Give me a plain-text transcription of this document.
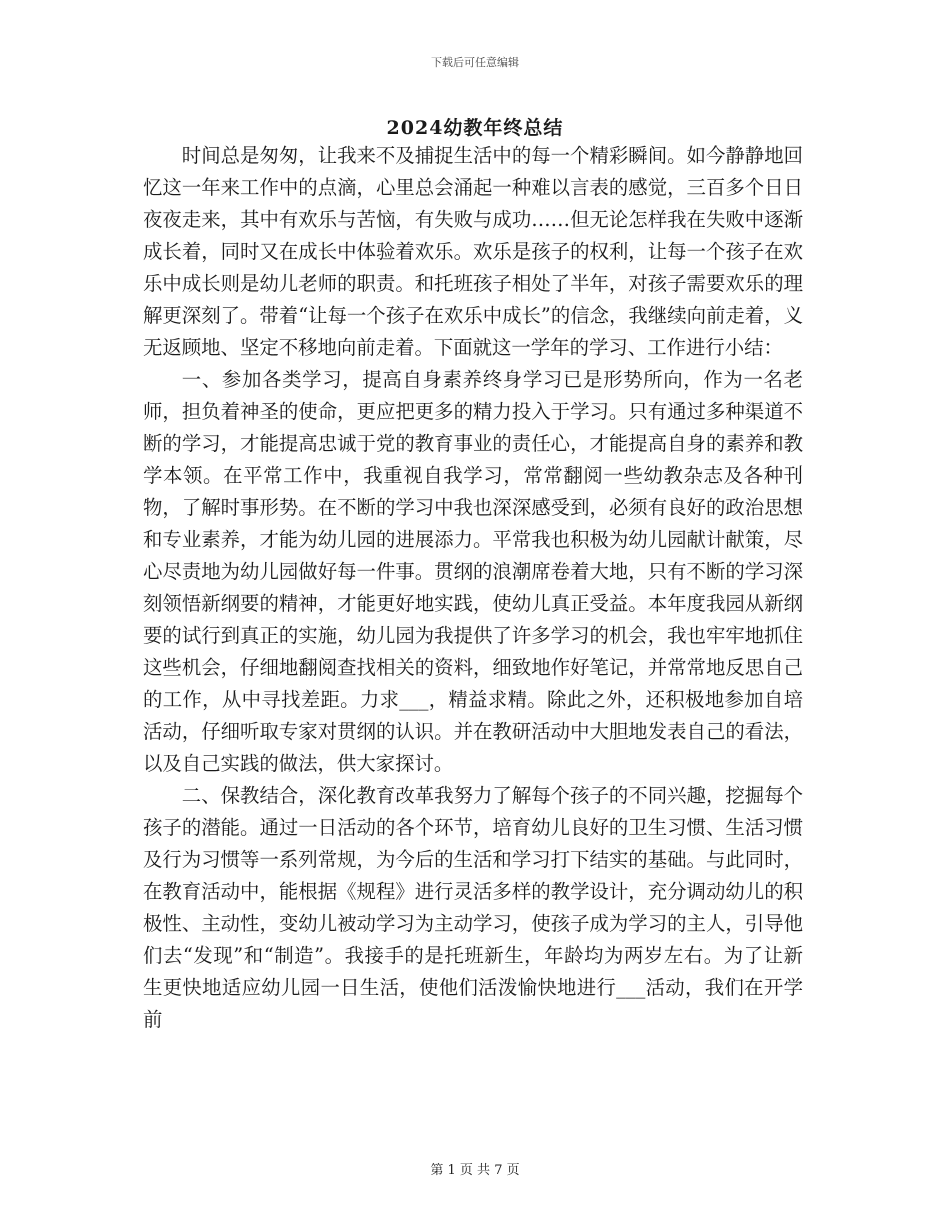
下载后可任意编辑
2024幼教年终总结

时间总是匆匆，让我来不及捕捉生活中的每一个精彩瞬间。如今静静地回忆这一年来工作中的点滴，心里总会涌起一种难以言表的感觉，三百多个日日夜夜走来，其中有欢乐与苦恼，有失败与成功……但无论怎样我在失败中逐渐成长着，同时又在成长中体验着欢乐。欢乐是孩子的权利，让每一个孩子在欢乐中成长则是幼儿老师的职责。和托班孩子相处了半年，对孩子需要欢乐的理解更深刻了。带着“让每一个孩子在欢乐中成长”的信念，我继续向前走着，义无返顾地、坚定不移地向前走着。下面就这一学年的学习、工作进行小结：

一、参加各类学习，提高自身素养终身学习已是形势所向，作为一名老师，担负着神圣的使命，更应把更多的精力投入于学习。只有通过多种渠道不断的学习，才能提高忠诚于党的教育事业的责任心，才能提高自身的素养和教学本领。在平常工作中，我重视自我学习，常常翻阅一些幼教杂志及各种刊物，了解时事形势。在不断的学习中我也深深感受到，必须有良好的政治思想和专业素养，才能为幼儿园的进展添力。平常我也积极为幼儿园献计献策，尽心尽责地为幼儿园做好每一件事。贯纲的浪潮席卷着大地，只有不断的学习深刻领悟新纲要的精神，才能更好地实践，使幼儿真正受益。本年度我园从新纲要的试行到真正的实施，幼儿园为我提供了许多学习的机会，我也牢牢地抓住这些机会，仔细地翻阅查找相关的资料，细致地作好笔记，并常常地反思自己的工作，从中寻找差距。力求___，精益求精。除此之外，还积极地参加自培活动，仔细听取专家对贯纲的认识。并在教研活动中大胆地发表自己的看法，以及自己实践的做法，供大家探讨。

二、保教结合，深化教育改革我努力了解每个孩子的不同兴趣，挖掘每个孩子的潜能。通过一日活动的各个环节，培育幼儿良好的卫生习惯、生活习惯及行为习惯等一系列常规，为今后的生活和学习打下结实的基础。与此同时，在教育活动中，能根据《规程》进行灵活多样的教学设计，充分调动幼儿的积极性、主动性，变幼儿被动学习为主动学习，使孩子成为学习的主人，引导他们去“发现”和“制造”。我接手的是托班新生，年龄均为两岁左右。为了让新生更快地适应幼儿园一日生活，使他们活泼愉快地进行___活动，我们在开学前

第 1 页 共 7 页
